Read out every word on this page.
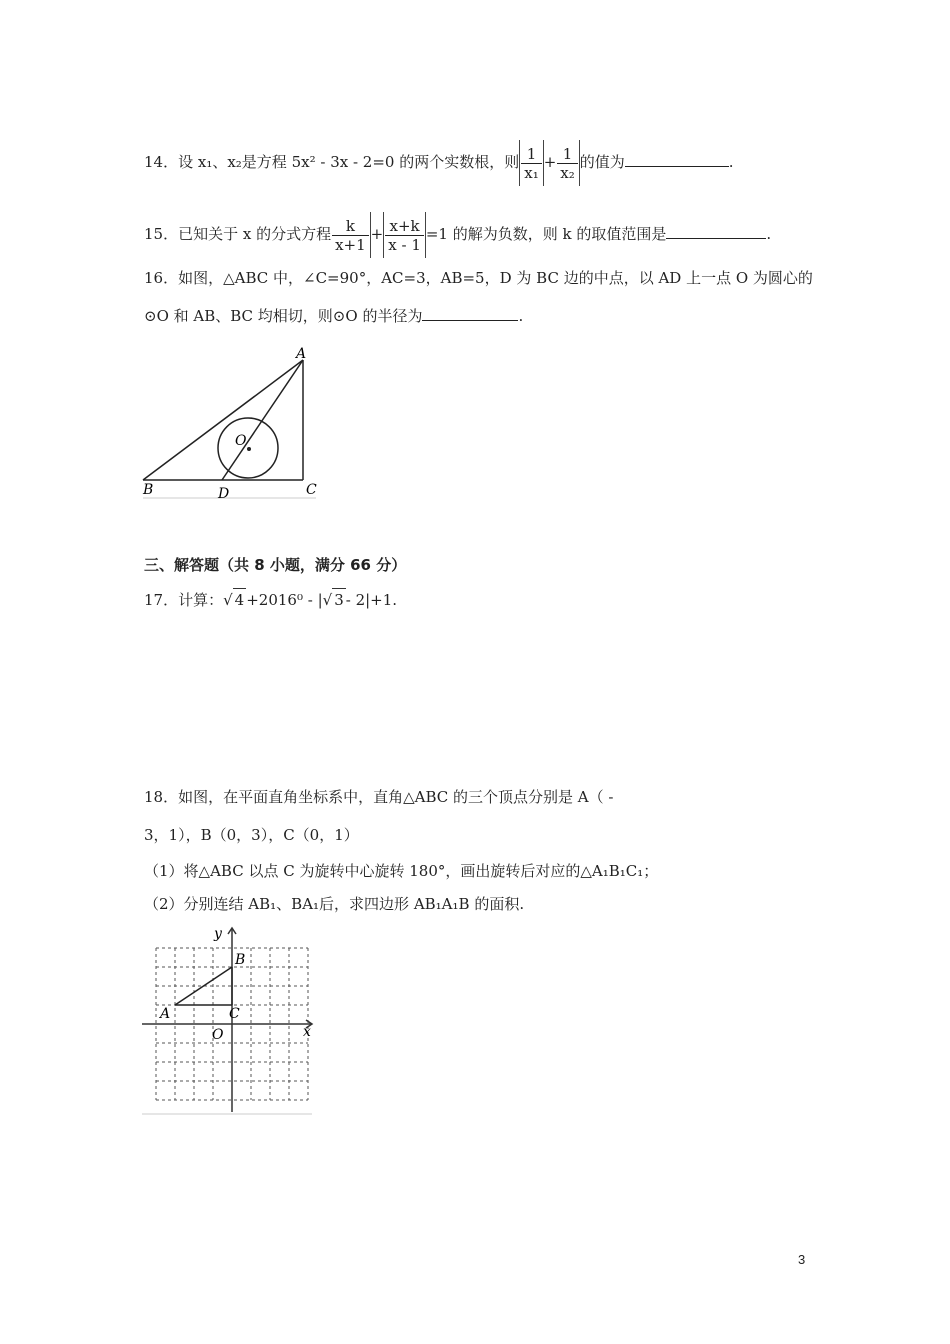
14．设 x₁、x₂是方程 5x² - 3x - 2=0 的两个实数根，则 $\frac{1}{\text{x₁}} + \frac{1}{\text{x₂}}$ 的值为	.
15．已知关于 x 的分式方程 $\frac{k}{x+1} + \frac{x+k}{x - 1} =1$ 的解为负数，则 k 的取值范围是	.
16．如图，△ABC 中，∠C=90°，AC=3，AB=5，D 为 BC 边的中点，以 AD 上一点 O 为圆心的
⊙O 和 AB、BC 均相切，则⊙O 的半径为	.
A
B	C
D
O
三、解答题（共 8 小题，满分 66 分）
17．计算：√ 4 +2016⁰ - |√ 3 - 2|+1.
18．如图，在平面直角坐标系中，直角△ABC 的三个顶点分别是 A（ -
3，1），B（0，3），C（0，1）
（1）将△ABC 以点 C 为旋转中心旋转 180°，画出旋转后对应的△A₁B₁C₁；
（2）分别连结 AB₁、BA₁后，求四边形 AB₁A₁B 的面积.
y
x
B
A	C
O
3
